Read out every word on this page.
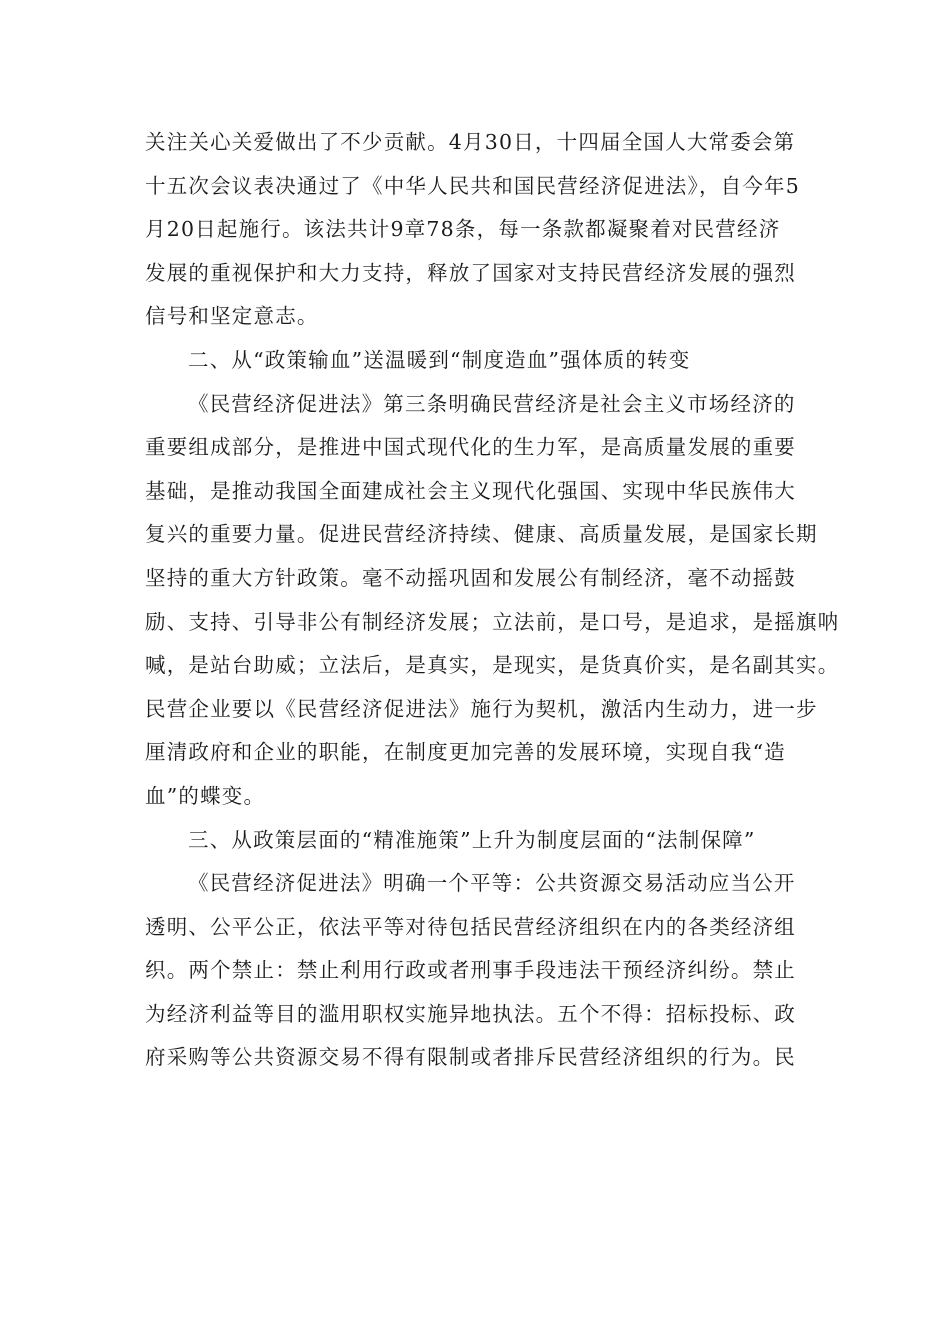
关注关心关爱做出了不少贡献。4月30日，十四届全国人大常委会第
十五次会议表决通过了《中华人民共和国民营经济促进法》，自今年5
月20日起施行。该法共计9章78条，每一条款都凝聚着对民营经济
发展的重视保护和大力支持，释放了国家对支持民营经济发展的强烈
信号和坚定意志。
二、从“政策输血”送温暖到“制度造血”强体质的转变
《民营经济促进法》第三条明确民营经济是社会主义市场经济的
重要组成部分，是推进中国式现代化的生力军，是高质量发展的重要
基础，是推动我国全面建成社会主义现代化强国、实现中华民族伟大
复兴的重要力量。促进民营经济持续、健康、高质量发展，是国家长期
坚持的重大方针政策。毫不动摇巩固和发展公有制经济，毫不动摇鼓
励、支持、引导非公有制经济发展；立法前，是口号，是追求，是摇旗呐
喊，是站台助威；立法后，是真实，是现实，是货真价实，是名副其实。
民营企业要以《民营经济促进法》施行为契机，激活内生动力，进一步
厘清政府和企业的职能，在制度更加完善的发展环境，实现自我“造
血”的蝶变。
三、从政策层面的“精准施策”上升为制度层面的“法制保障”
《民营经济促进法》明确一个平等：公共资源交易活动应当公开
透明、公平公正，依法平等对待包括民营经济组织在内的各类经济组
织。两个禁止：禁止利用行政或者刑事手段违法干预经济纠纷。禁止
为经济利益等目的滥用职权实施异地执法。五个不得：招标投标、政
府采购等公共资源交易不得有限制或者排斥民营经济组织的行为。民
